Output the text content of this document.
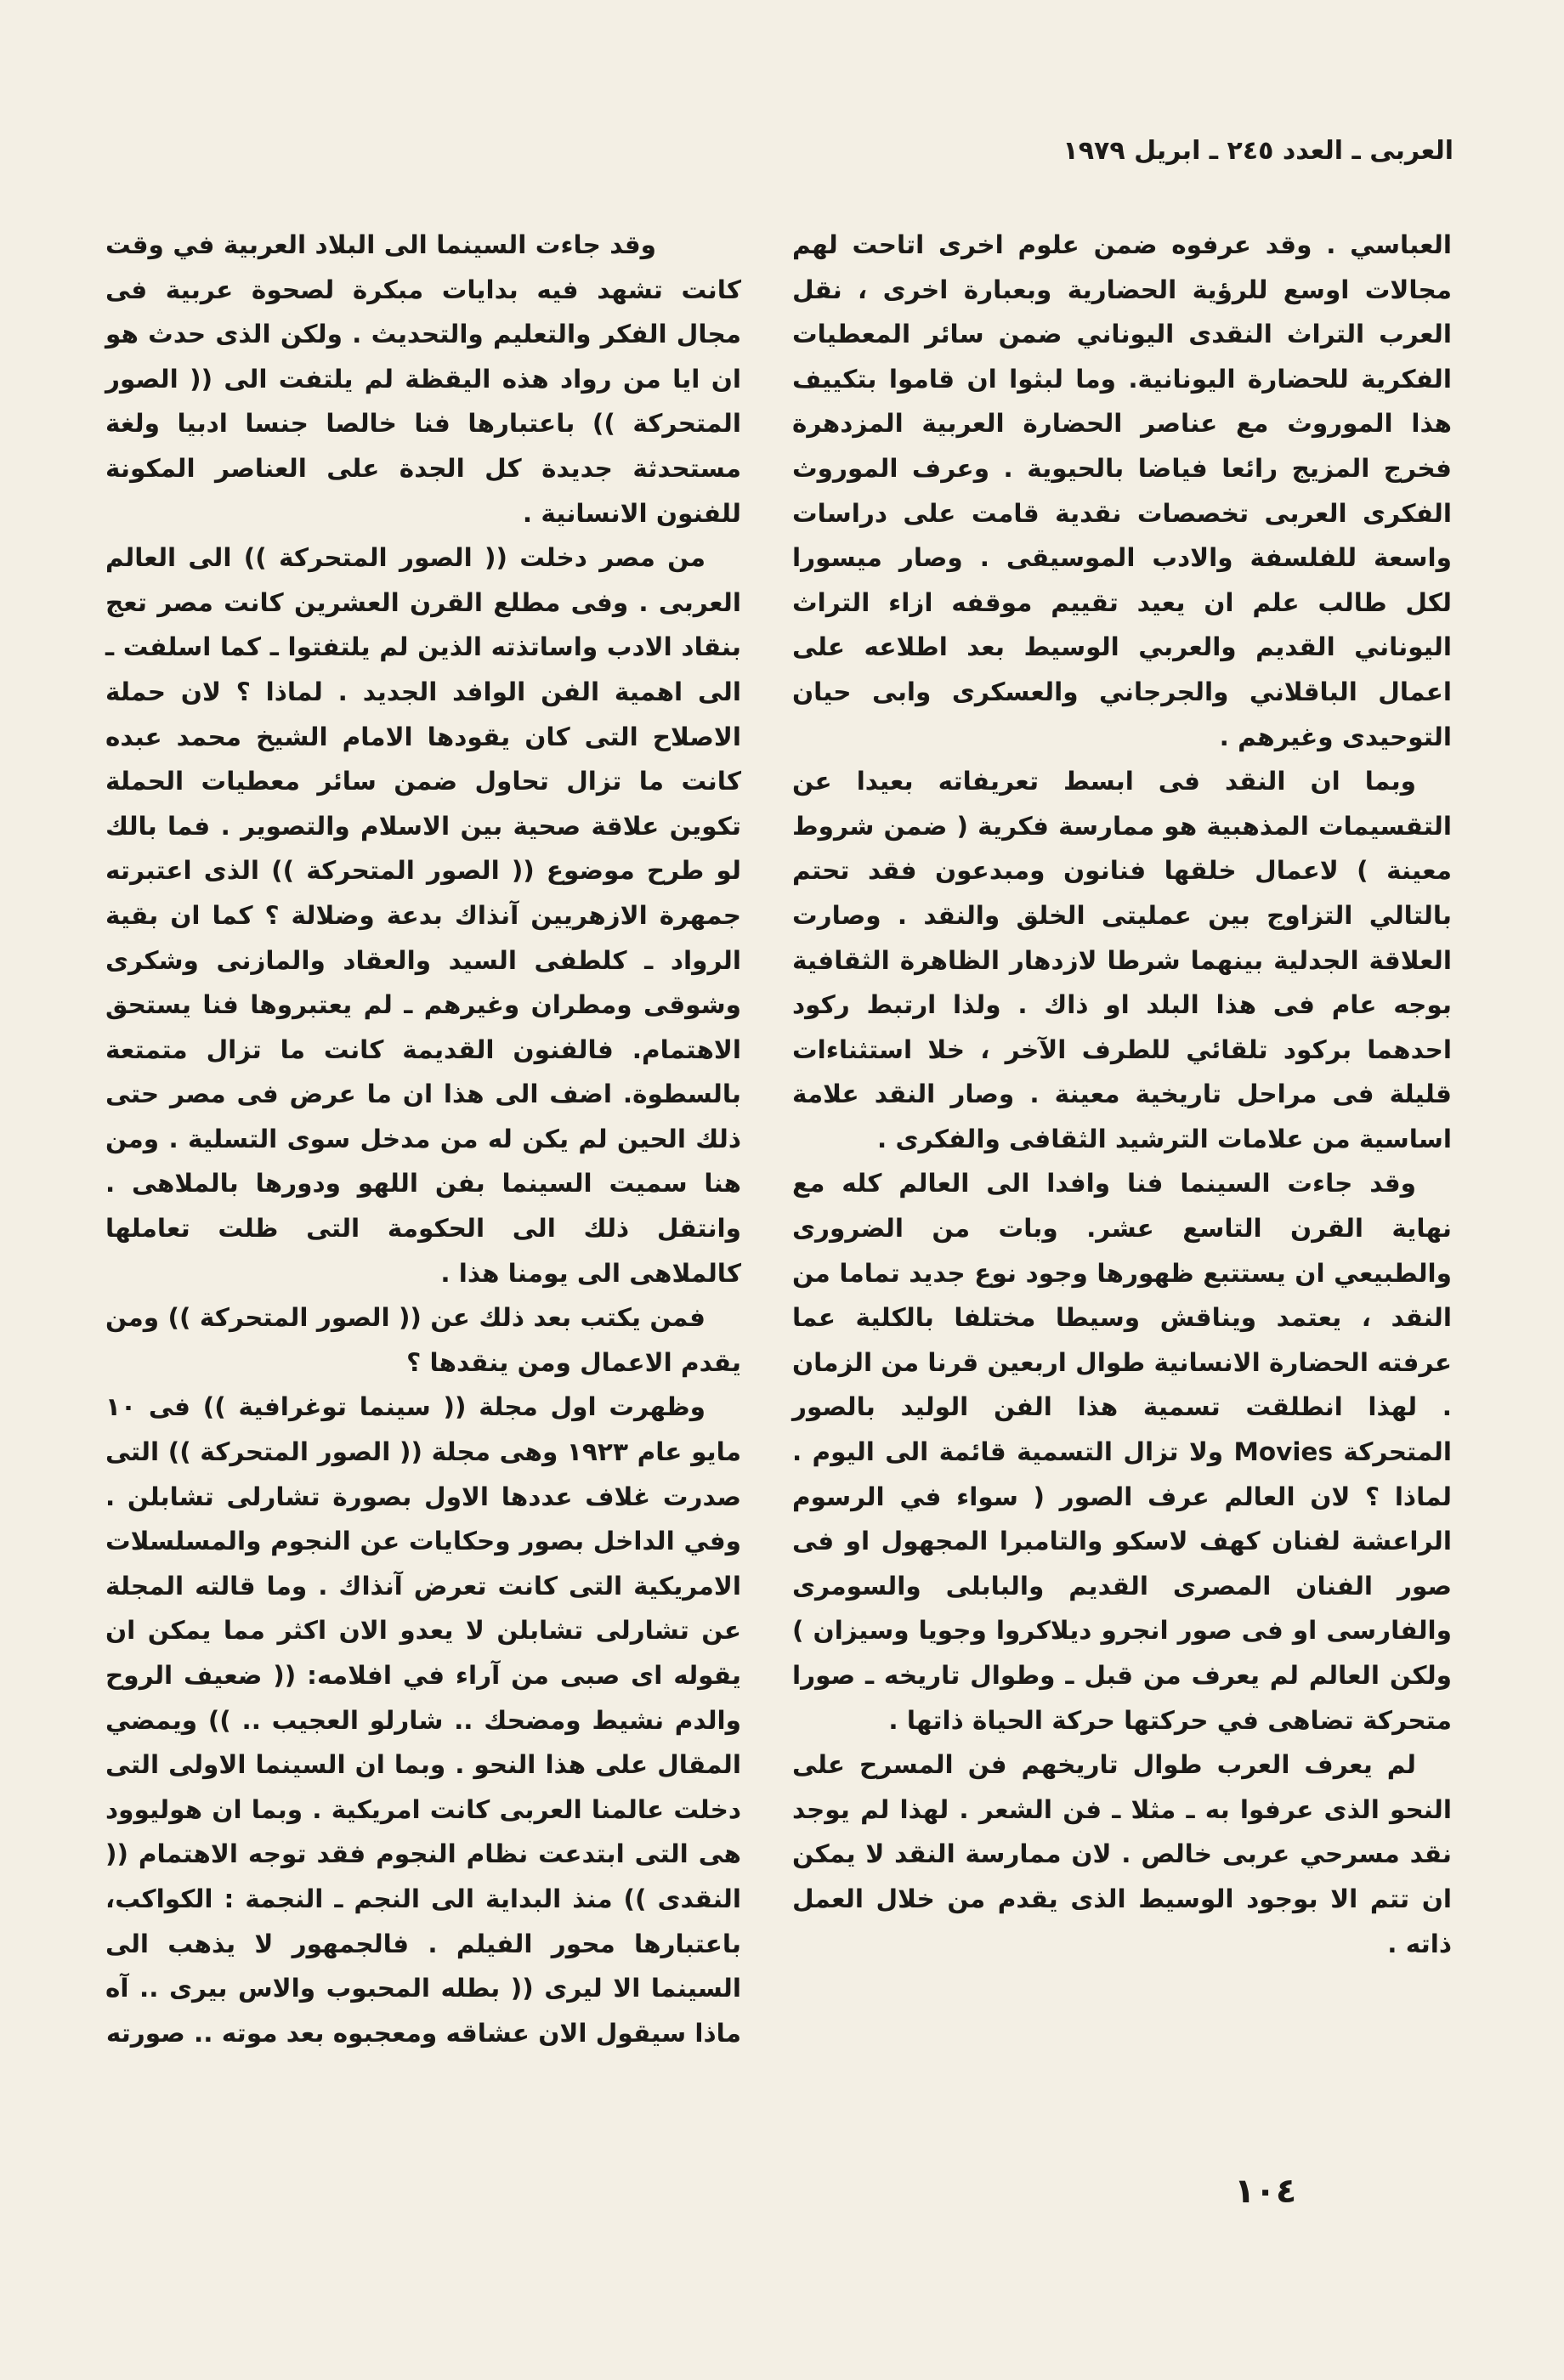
العربى ـ العدد ٢٤٥ ـ ابريل ١٩٧٩

العباسي . وقد عرفوه ضمن علوم اخرى اتاحت لهم مجالات اوسع للرؤية الحضارية وبعبارة اخرى ، نقل العرب التراث النقدى اليوناني ضمن سائر المعطيات الفكرية للحضارة اليونانية. وما لبثوا ان قاموا بتكييف هذا الموروث مع عناصر الحضارة العربية المزدهرة فخرج المزيج رائعا فياضا بالحيوية . وعرف الموروث الفكرى العربى تخصصات نقدية قامت على دراسات واسعة للفلسفة والادب الموسيقى . وصار ميسورا لكل طالب علم ان يعيد تقييم موقفه ازاء التراث اليوناني القديم والعربي الوسيط بعد اطلاعه على اعمال الباقلاني والجرجاني والعسكرى وابى حيان التوحيدى وغيرهم .

وبما ان النقد فى ابسط تعريفاته بعيدا عن التقسيمات المذهبية هو ممارسة فكرية ( ضمن شروط معينة ) لاعمال خلقها فنانون ومبدعون فقد تحتم بالتالي التزاوج بين عمليتى الخلق والنقد . وصارت العلاقة الجدلية بينهما شرطا لازدهار الظاهرة الثقافية بوجه عام فى هذا البلد او ذاك . ولذا ارتبط ركود احدهما بركود تلقائي للطرف الآخر ، خلا استثناءات قليلة فى مراحل تاريخية معينة . وصار النقد علامة اساسية من علامات الترشيد الثقافى والفكرى .

وقد جاءت السينما فنا وافدا الى العالم كله مع نهاية القرن التاسع عشر. وبات من الضرورى والطبيعي ان يستتبع ظهورها وجود نوع جديد تماما من النقد ، يعتمد ويناقش وسيطا مختلفا بالكلية عما عرفته الحضارة الانسانية طوال اربعين قرنا من الزمان . لهذا انطلقت تسمية هذا الفن الوليد بالصور المتحركة Movies ولا تزال التسمية قائمة الى اليوم . لماذا ؟ لان العالم عرف الصور ( سواء في الرسوم الراعشة لفنان كهف لاسكو والتامبرا المجهول او فى صور الفنان المصرى القديم والبابلى والسومرى والفارسى او فى صور انجرو ديلاكروا وجويا وسيزان ) ولكن العالم لم يعرف من قبل ـ وطوال تاريخه ـ صورا متحركة تضاهى في حركتها حركة الحياة ذاتها .

لم يعرف العرب طوال تاريخهم فن المسرح على النحو الذى عرفوا به ـ مثلا ـ فن الشعر . لهذا لم يوجد نقد مسرحي عربى خالص . لان ممارسة النقد لا يمكن ان تتم الا بوجود الوسيط الذى يقدم من خلال العمل ذاته .

وقد جاءت السينما الى البلاد العربية في وقت كانت تشهد فيه بدايات مبكرة لصحوة عربية فى مجال الفكر والتعليم والتحديث . ولكن الذى حدث هو ان ايا من رواد هذه اليقظة لم يلتفت الى (( الصور المتحركة )) باعتبارها فنا خالصا جنسا ادبيا ولغة مستحدثة جديدة كل الجدة على العناصر المكونة للفنون الانسانية .

من مصر دخلت (( الصور المتحركة )) الى العالم العربى . وفى مطلع القرن العشرين كانت مصر تعج بنقاد الادب واساتذته الذين لم يلتفتوا ـ كما اسلفت ـ الى اهمية الفن الوافد الجديد . لماذا ؟ لان حملة الاصلاح التى كان يقودها الامام الشيخ محمد عبده كانت ما تزال تحاول ضمن سائر معطيات الحملة تكوين علاقة صحية بين الاسلام والتصوير . فما بالك لو طرح موضوع (( الصور المتحركة )) الذى اعتبرته جمهرة الازهريين آنذاك بدعة وضلالة ؟ كما ان بقية الرواد ـ كلطفى السيد والعقاد والمازنى وشكرى وشوقى ومطران وغيرهم ـ لم يعتبروها فنا يستحق الاهتمام. فالفنون القديمة كانت ما تزال متمتعة بالسطوة. اضف الى هذا ان ما عرض فى مصر حتى ذلك الحين لم يكن له من مدخل سوى التسلية . ومن هنا سميت السينما بفن اللهو ودورها بالملاهى . وانتقل ذلك الى الحكومة التى ظلت تعاملها كالملاهى الى يومنا هذا .

فمن يكتب بعد ذلك عن (( الصور المتحركة )) ومن يقدم الاعمال ومن ينقدها ؟

وظهرت اول مجلة (( سينما توغرافية )) فى ١٠ مايو عام ١٩٢٣ وهى مجلة (( الصور المتحركة )) التى صدرت غلاف عددها الاول بصورة تشارلى تشابلن . وفي الداخل بصور وحكايات عن النجوم والمسلسلات الامريكية التى كانت تعرض آنذاك . وما قالته المجلة عن تشارلى تشابلن لا يعدو الان اكثر مما يمكن ان يقوله اى صبى من آراء في افلامه: (( ضعيف الروح والدم نشيط ومضحك .. شارلو العجيب .. )) ويمضي المقال على هذا النحو . وبما ان السينما الاولى التى دخلت عالمنا العربى كانت امريكية . وبما ان هوليوود هى التى ابتدعت نظام النجوم فقد توجه الاهتمام (( النقدى )) منذ البداية الى النجم ـ النجمة : الكواكب، باعتبارها محور الفيلم . فالجمهور لا يذهب الى السينما الا ليرى (( بطله المحبوب والاس بيرى .. آه ماذا سيقول الان عشاقه ومعجبوه بعد موته .. صورته

١٠٤
